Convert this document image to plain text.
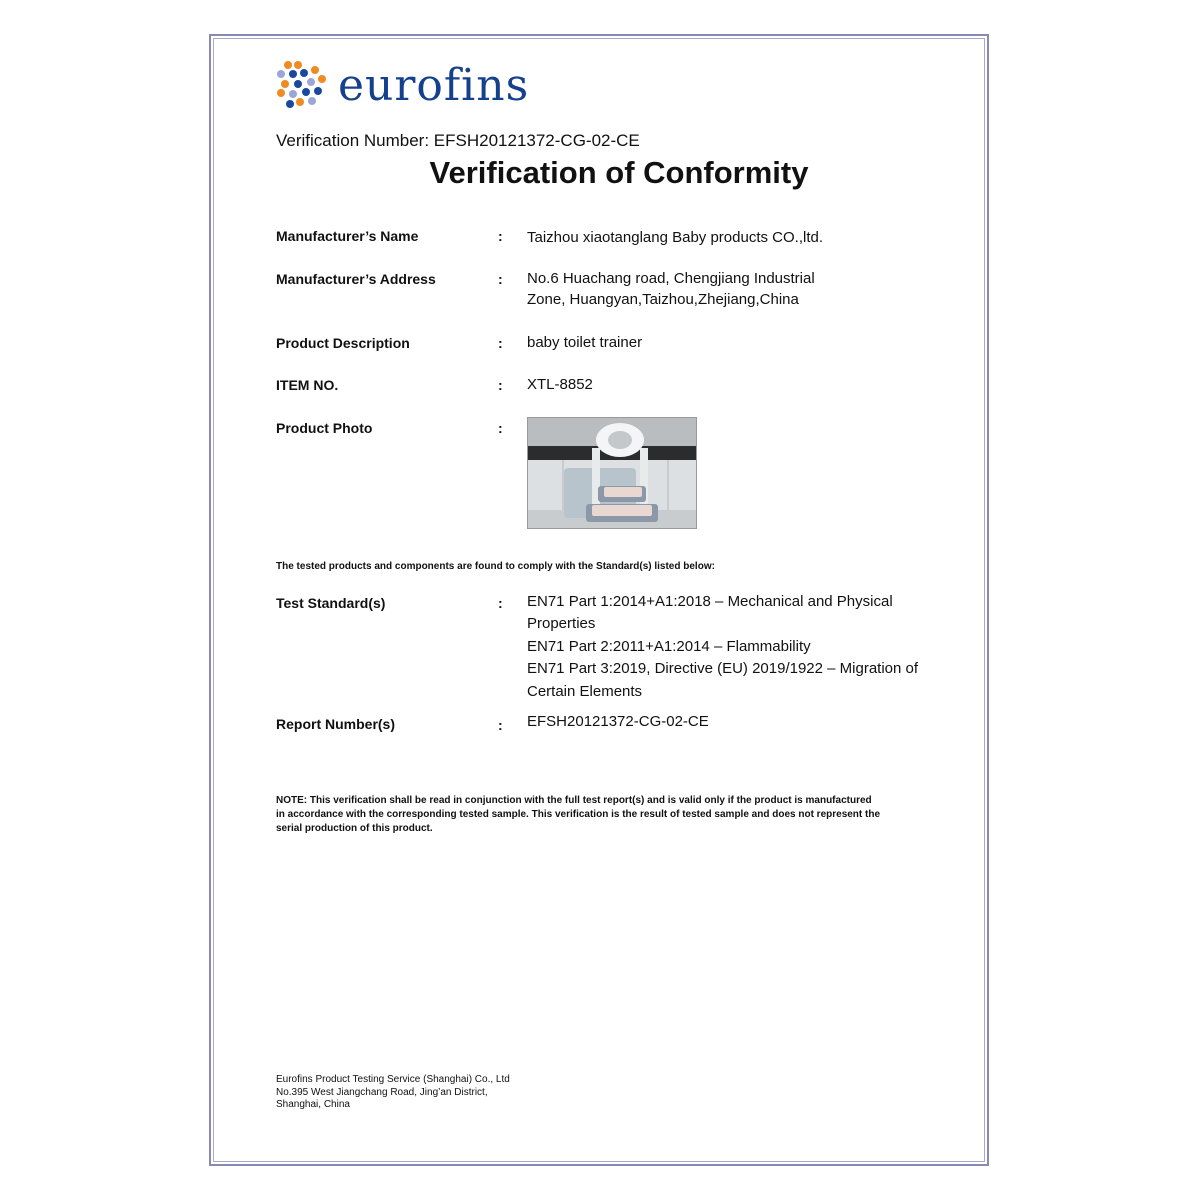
eurofins
Verification Number: EFSH20121372-CG-02-CE
Verification of Conformity
Manufacturer’s Name	: Taizhou xiaotanglang Baby products CO.,ltd.
Manufacturer’s Address	: No.6 Huachang road, Chengjiang Industrial
Zone, Huangyan,Taizhou,Zhejiang,China
Product Description	: baby toilet trainer
ITEM NO.	: XTL-8852
Product Photo	:
The tested products and components are found to comply with the Standard(s) listed below:
Test Standard(s)	: EN71 Part 1:2014+A1:2018 – Mechanical and Physical
Properties
EN71 Part 2:2011+A1:2014 – Flammability
EN71 Part 3:2019, Directive (EU) 2019/1922 – Migration of
Certain Elements
Report Number(s)	: EFSH20121372-CG-02-CE
NOTE: This verification shall be read in conjunction with the full test report(s) and is valid only if the product is manufactured
in accordance with the corresponding tested sample. This verification is the result of tested sample and does not represent the
serial production of this product.
Eurofins Product Testing Service (Shanghai) Co., Ltd
No.395 West Jiangchang Road, Jing’an District,
Shanghai, China
